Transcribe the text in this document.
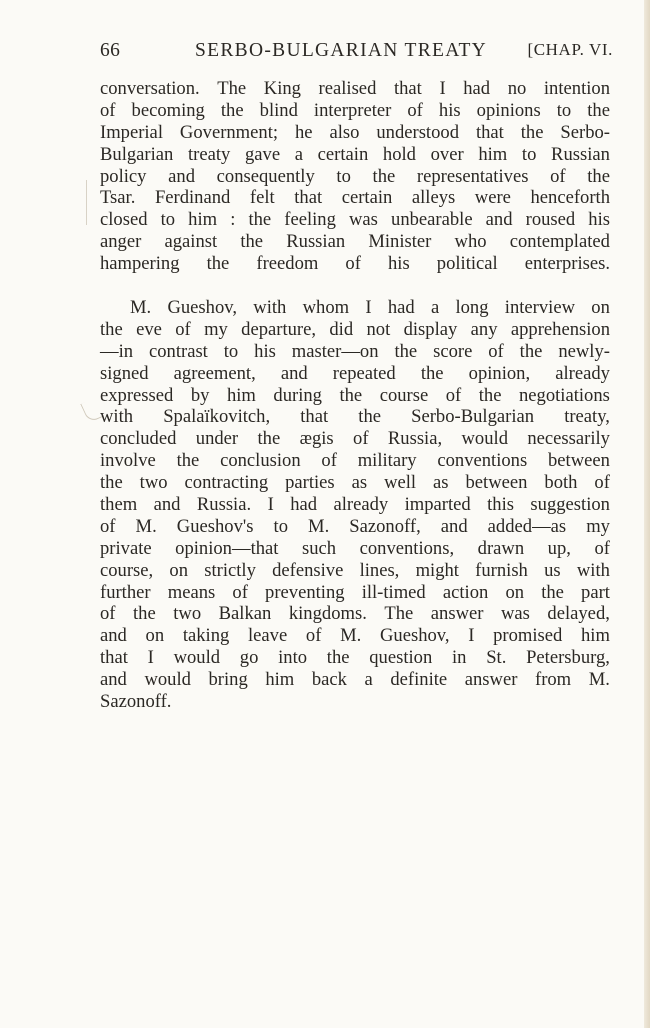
66	SERBO-BULGARIAN TREATY [CHAP. VI.
conversation. The King realised that I had no intention
of becoming the blind interpreter of his opinions to the
Imperial Government; he also understood that the Serbo-
Bulgarian treaty gave a certain hold over him to Russian
policy and consequently to the representatives of the
Tsar. Ferdinand felt that certain alleys were henceforth
closed to him : the feeling was unbearable and roused his
anger against the Russian Minister who contemplated
hampering the freedom of his political enterprises.
M. Gueshov, with whom I had a long interview on
the eve of my departure, did not display any apprehension
—in contrast to his master—on the score of the newly-
signed agreement, and repeated the opinion, already
expressed by him during the course of the negotiations
with Spalaïkovitch, that the Serbo-Bulgarian treaty,
concluded under the ægis of Russia, would necessarily
involve the conclusion of military conventions between
the two contracting parties as well as between both of
them and Russia. I had already imparted this suggestion
of M. Gueshov's to M. Sazonoff, and added—as my
private opinion—that such conventions, drawn up, of
course, on strictly defensive lines, might furnish us with
further means of preventing ill-timed action on the part
of the two Balkan kingdoms. The answer was delayed,
and on taking leave of M. Gueshov, I promised him
that I would go into the question in St. Petersburg,
and would bring him back a definite answer from M.
Sazonoff.
